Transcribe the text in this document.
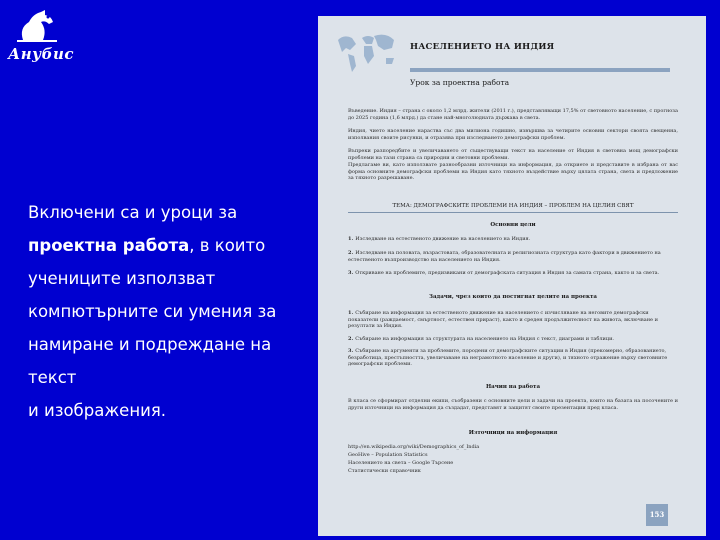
Анубис
Включени са и уроци за
проектна работа, в които
учениците използват
компютърните си умения за
намиране и подреждане на текст
и изображения.
НАСЕЛЕНИЕТО НА ИНДИЯ
Урок за проектна работа
Въведение. Индия – страна с около 1,2 млрд. жители (2011 г.), представляващи 17,5% от световното население, с прогноза до 2025 година (1,6 млрд.) да стане най-многолюдната държава в света.
Индия, чието население нараства със два милиона годишно, извършва за четирите основни сектори своята свещенна, изполвания своите рисунки, и отразява при изследването демографски проблем.
Въпреки разпоредбите и увеличаването от съществуващи текст на население от Индия в световна мощ демографски проблеми на тази страна са природни и световни проблеми.
Предлагаме ви, като използвате разнообразни източници на информация, да откриете и представите в избрана от вас форма основните демографски проблеми на Индия като тяхното въздействие върху цялата страна, света и предложение за тяхното разрешаване.
ТЕМА: ДЕМОГРАФСКИТЕ ПРОБЛЕМИ НА ИНДИЯ – ПРОБЛЕМ НА ЦЕЛИЯ СВЯТ
Основни цели
1. Изследване на естественото движение на населението на Индия.
2. Изследване на половата, възрастовата, образователната и религиозната структура като фактори в движението на естественото възпроизводство на населението на Индия.
3. Откриване на проблемите, предизвикани от демографската ситуация в Индия за самата страна, както и за света.
Задачи, чрез които да постигнат целите на проекта
1. Събиране на информация за естественото движение на населението с изчисляване на неговите демографски показатели (раждаемост, смъртност, естествен прираст), както и среден продължителност на живота, включване и резултати за Индия.
2. Събиране на информация за структурата на населението на Индия с текст, диаграми и таблици.
3. Събиране на аргументи за проблемите, породени от демографските ситуации в Индия (прекомерно, образованието, безработица, престъпността, увеличаване на неграмотното население и други), и тяхното отражение върху световните демографски проблеми.
Начин на работа
В класа се сформират отделни екипи, съобразени с основните цели и задачи на проекта, които на базата на посочените и други източници на информация да създадат, представят и защитят своите презентации пред класа.
Източници на информация
http://en.wikipedia.org/wiki/Demographics_of_India
GeoHive – Population Statistics
Населението на света – Google Търсене
Статистически справочник
153
